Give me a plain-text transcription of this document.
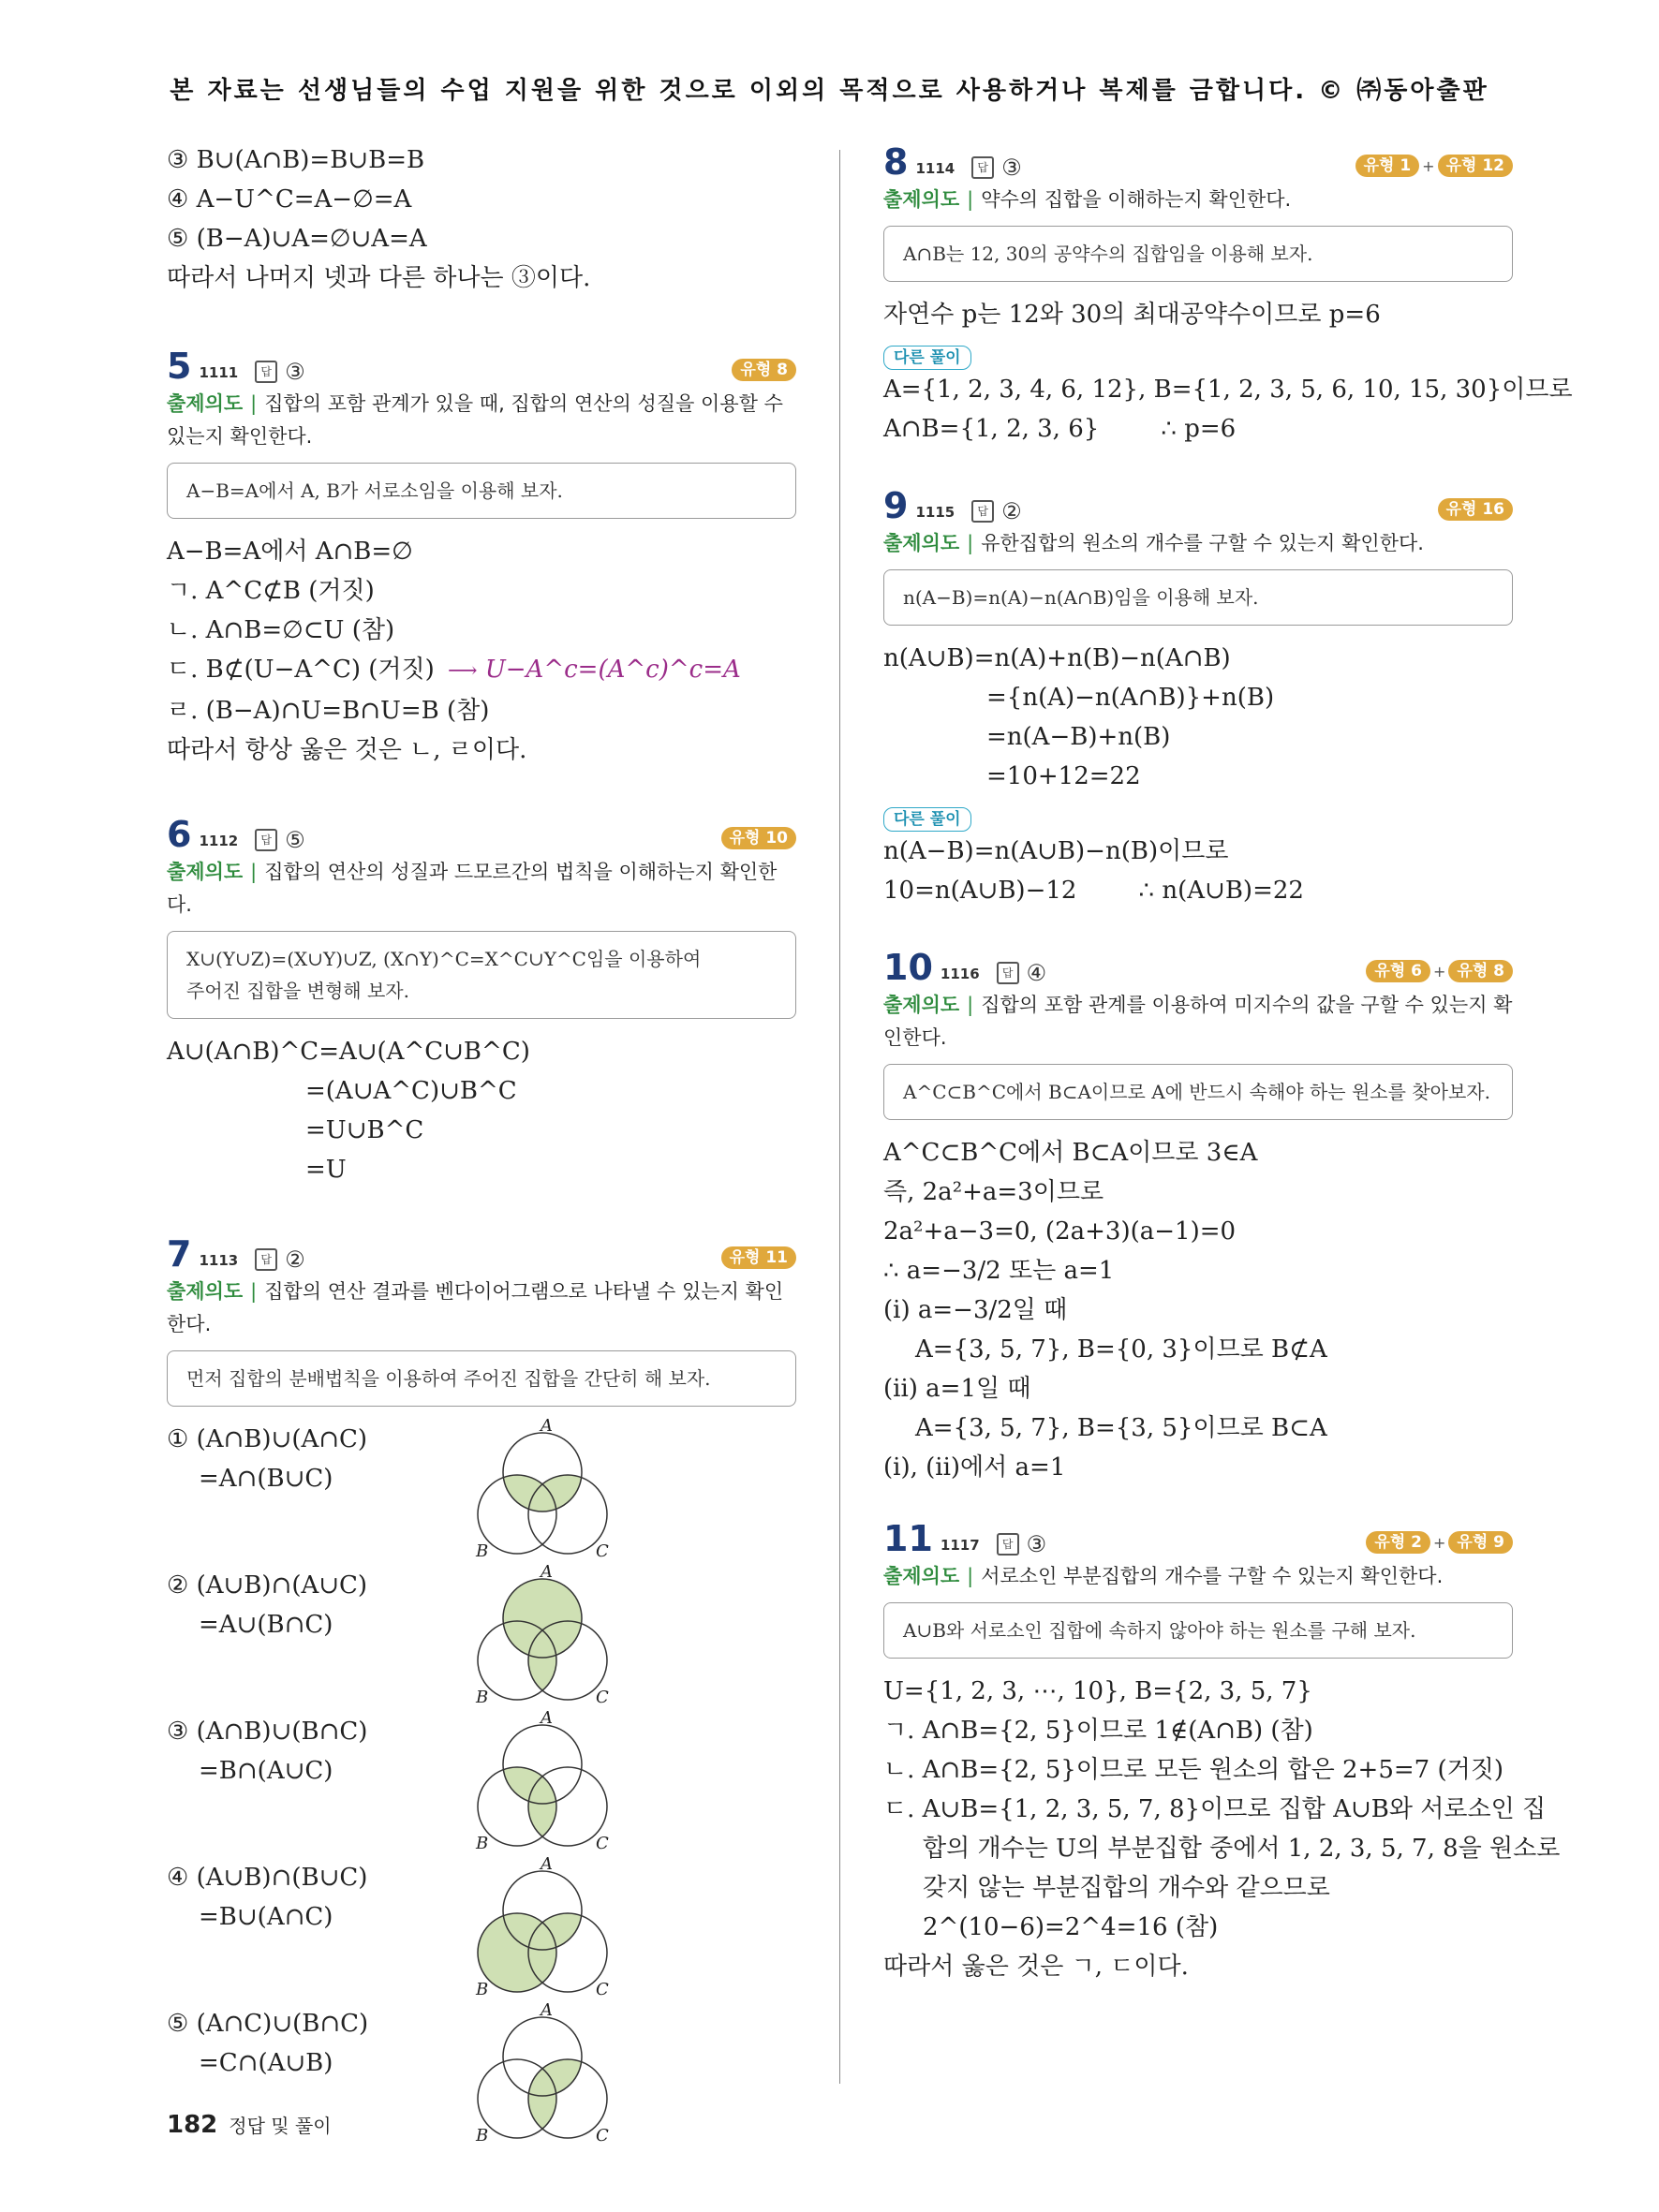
본 자료는 선생님들의 수업 지원을 위한 것으로 이외의 목적으로 사용하거나 복제를 금합니다. © ㈜동아출판
③ B∪(A∩B)=B∪B=B
④ A−U^C=A−∅=A
⑤ (B−A)∪A=∅∪A=A
따라서 나머지 넷과 다른 하나는 ③이다.
5 1111	답 ③	유형 8
출제의도 | 집합의 포함 관계가 있을 때, 집합의 연산의 성질을 이용할 수 있는지 확인한다.
A−B=A에서 A, B가 서로소임을 이용해 보자.
A−B=A에서 A∩B=∅
ㄱ. A^C⊄B (거짓)
ㄴ. A∩B=∅⊂U (참)
ㄷ. B⊄(U−A^C) (거짓) ⟶ U−A^c=(A^c)^c=A
ㄹ. (B−A)∩U=B∩U=B (참)
따라서 항상 옳은 것은 ㄴ, ㄹ이다.
6 1112	답 ⑤	유형 10
출제의도 | 집합의 연산의 성질과 드모르간의 법칙을 이해하는지 확인한다.
X∪(Y∪Z)=(X∪Y)∪Z, (X∩Y)^C=X^C∪Y^C임을 이용하여
주어진 집합을 변형해 보자.
A∪(A∩B)^C=A∪(A^C∪B^C)
=(A∪A^C)∪B^C
=U∪B^C
=U
7 1113	답 ②	유형 11
출제의도 | 집합의 연산 결과를 벤다이어그램으로 나타낼 수 있는지 확인한다.
먼저 집합의 분배법칙을 이용하여 주어진 집합을 간단히 해 보자.
① (A∩B)∪(A∩C)
=A∩(B∪C)
A
B	C
② (A∪B)∩(A∪C)
=A∪(B∩C)
A
B	C
③ (A∩B)∪(B∩C)
=B∩(A∪C)
A
B	C
④ (A∪B)∩(B∪C)
=B∪(A∩C)
A
B	C
⑤ (A∩C)∪(B∩C)
=C∩(A∪B)
A
B	C
8 1114	답 ③	유형 1 + 유형 12
출제의도 | 약수의 집합을 이해하는지 확인한다.
A∩B는 12, 30의 공약수의 집합임을 이용해 보자.
자연수 p는 12와 30의 최대공약수이므로 p=6
다른 풀이
A={1, 2, 3, 4, 6, 12}, B={1, 2, 3, 5, 6, 10, 15, 30}이므로
A∩B={1, 2, 3, 6}        ∴ p=6
9 1115	답 ②	유형 16
출제의도 | 유한집합의 원소의 개수를 구할 수 있는지 확인한다.
n(A−B)=n(A)−n(A∩B)임을 이용해 보자.
n(A∪B)=n(A)+n(B)−n(A∩B)
={n(A)−n(A∩B)}+n(B)
=n(A−B)+n(B)
=10+12=22
다른 풀이
n(A−B)=n(A∪B)−n(B)이므로
10=n(A∪B)−12        ∴ n(A∪B)=22
10 1116	답 ④	유형 6 + 유형 8
출제의도 | 집합의 포함 관계를 이용하여 미지수의 값을 구할 수 있는지 확인한다.
A^C⊂B^C에서 B⊂A이므로 A에 반드시 속해야 하는 원소를 찾아보자.
A^C⊂B^C에서 B⊂A이므로 3∈A
즉, 2a²+a=3이므로
2a²+a−3=0, (2a+3)(a−1)=0
∴ a=−3/2 또는 a=1
(i) a=−3/2일 때
A={3, 5, 7}, B={0, 3}이므로 B⊄A
(ii) a=1일 때
A={3, 5, 7}, B={3, 5}이므로 B⊂A
(i), (ii)에서 a=1
11 1117	답 ③	유형 2 + 유형 9
출제의도 | 서로소인 부분집합의 개수를 구할 수 있는지 확인한다.
A∪B와 서로소인 집합에 속하지 않아야 하는 원소를 구해 보자.
U={1, 2, 3, ⋯, 10}, B={2, 3, 5, 7}
ㄱ. A∩B={2, 5}이므로 1∉(A∩B) (참)
ㄴ. A∩B={2, 5}이므로 모든 원소의 합은 2+5=7 (거짓)
ㄷ. A∪B={1, 2, 3, 5, 7, 8}이므로 집합 A∪B와 서로소인 집
합의 개수는 U의 부분집합 중에서 1, 2, 3, 5, 7, 8을 원소로
갖지 않는 부분집합의 개수와 같으므로
2^(10−6)=2^4=16 (참)
따라서 옳은 것은 ㄱ, ㄷ이다.
182 정답 및 풀이
